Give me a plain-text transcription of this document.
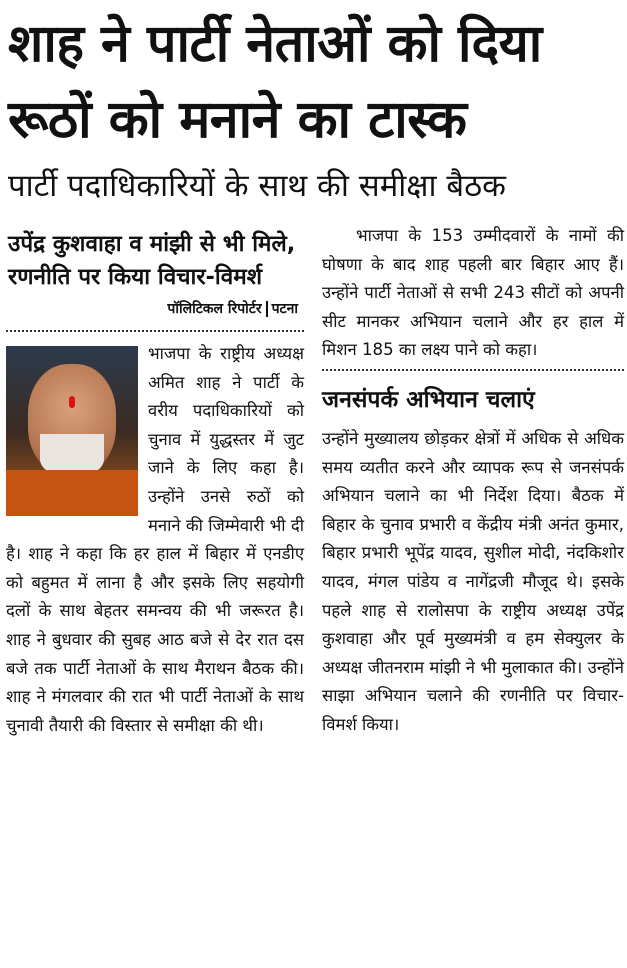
शाह ने पार्टी नेताओं को दिया रूठों को मनाने का टास्क
पार्टी पदाधिकारियों के साथ की समीक्षा बैठक
उपेंद्र कुशवाहा व मांझी से भी मिले, रणनीति पर किया विचार-विमर्श
पॉलिटिकल रिपोर्टर पटना

भाजपा के राष्ट्रीय अध्यक्ष अमित शाह ने पार्टी के वरीय पदाधिकारियों को चुनाव में युद्धस्तर में जुट जाने के लिए कहा है। उन्होंने उनसे रुठों को मनाने की जिम्मेवारी भी दी है। शाह ने कहा कि हर हाल में बिहार में एनडीए को बहुमत में लाना है और इसके लिए सहयोगी दलों के साथ बेहतर समन्वय की भी जरूरत है। शाह ने बुधवार की सुबह आठ बजे से देर रात दस बजे तक पार्टी नेताओं के साथ मैराथन बैठक की। शाह ने मंगलवार की रात भी पार्टी नेताओं के साथ चुनावी तैयारी की विस्तार से समीक्षा की थी।

भाजपा के 153 उम्मीदवारों के नामों की घोषणा के बाद शाह पहली बार बिहार आए हैं। उन्होंने पार्टी नेताओं से सभी 243 सीटों को अपनी सीट मानकर अभियान चलाने और हर हाल में मिशन 185 का लक्ष्य पाने को कहा।

जनसंपर्क अभियान चलाएं

उन्होंने मुख्यालय छोड़कर क्षेत्रों में अधिक से अधिक समय व्यतीत करने और व्यापक रूप से जनसंपर्क अभियान चलाने का भी निर्देश दिया। बैठक में बिहार के चुनाव प्रभारी व केंद्रीय मंत्री अनंत कुमार, बिहार प्रभारी भूपेंद्र यादव, सुशील मोदी, नंदकिशोर यादव, मंगल पांडेय व नागेंद्रजी मौजूद थे। इसके पहले शाह से रालोसपा के राष्ट्रीय अध्यक्ष उपेंद्र कुशवाहा और पूर्व मुख्यमंत्री व हम सेक्युलर के अध्यक्ष जीतनराम मांझी ने भी मुलाकात की। उन्होंने साझा अभियान चलाने की रणनीति पर विचार-विमर्श किया।
